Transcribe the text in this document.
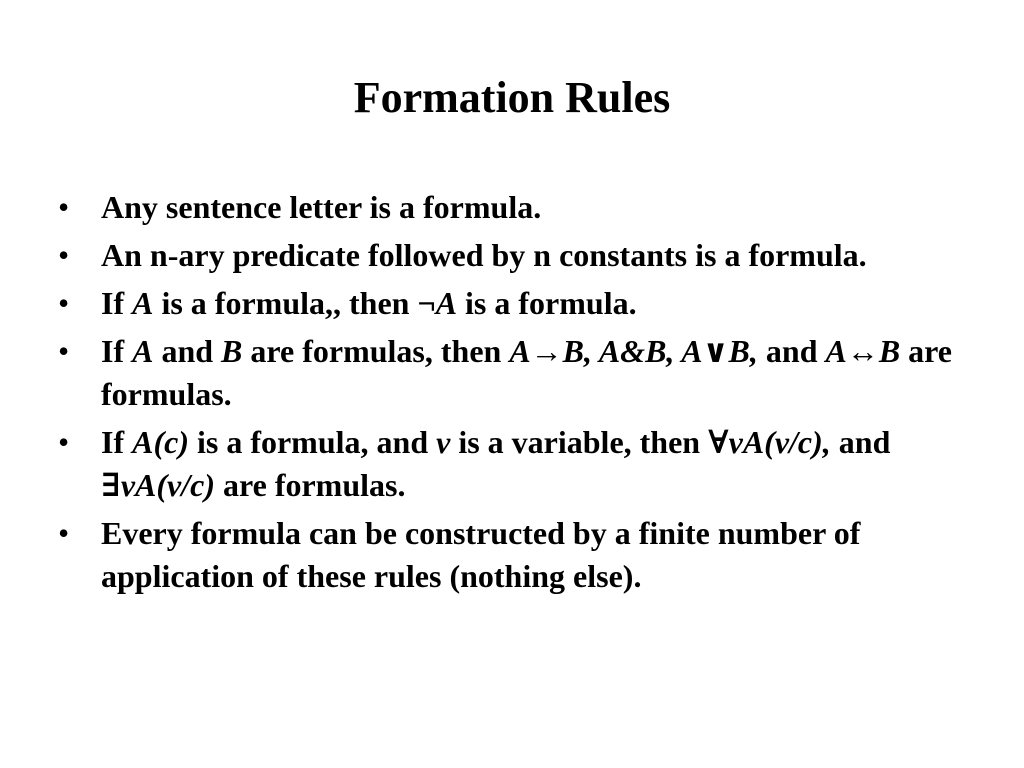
Formation Rules
• Any sentence letter is a formula.
• An n-ary predicate followed by n constants is a formula.
• If A is a formula,, then ¬A is a formula.
• If A and B are formulas, then A→B, A&B, A∨B, and A↔B are formulas.
• If A(c) is a formula, and v is a variable, then ∀vA(v/c), and ∃vA(v/c) are formulas.
• Every formula can be constructed by a finite number of application of these rules (nothing else).
